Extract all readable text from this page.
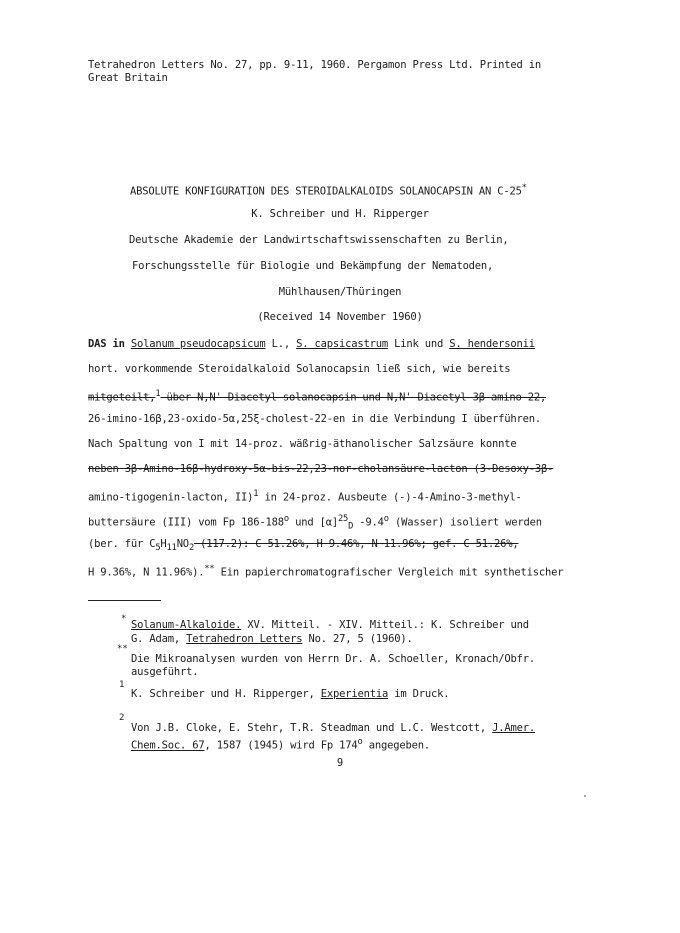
Tetrahedron Letters No. 27, pp. 9-11, 1960. Pergamon Press Ltd. Printed in
Great Britain
ABSOLUTE KONFIGURATION DES STEROIDALKALOIDS SOLANOCAPSIN AN C-25*
K. Schreiber und H. Ripperger
Deutsche Akademie der Landwirtschaftswissenschaften zu Berlin,
Forschungsstelle für Biologie und Bekämpfung der Nematoden,
Mühlhausen/Thüringen
(Received 14 November 1960)
DAS in Solanum pseudocapsicum L., S. capsicastrum Link und S. hendersonii
hort. vorkommende Steroidalkaloid Solanocapsin ließ sich, wie bereits
mitgeteilt,$^1$ über N,N'-Diacetyl-solanocapsin und N,N'-Diacetyl-3β-amino-22,
26-imino-16β,23-oxido-5α,25ξ-cholest-22-en in die Verbindung I überführen.
Nach Spaltung von I mit 14-proz. wäßrig-äthanolischer Salzsäure konnte
neben 3β-Amino-16β-hydroxy-5α-bis-22,23-nor-cholansäure-lacton (3-Desoxy-3β-
amino-tigogenin-lacton, II)$^1$ in 24-proz. Ausbeute (-)-4-Amino-3-methyl-
buttersäure (III) vom Fp 186-188$^o$ und $[\alpha]^{25}_D$ -9.4$^o$ (Wasser) isoliert werden
(ber. für $C_5H_{11}NO_2$ (117.2): C 51.26%, H 9.46%, N 11.96%; gef. C 51.26%,
H 9.36%, N 11.96%).** Ein papierchromatografischer Vergleich mit synthetischer
* Solanum-Alkaloide. XV. Mitteil. - XIV. Mitteil.: K. Schreiber und
G. Adam, Tetrahedron Letters No. 27, 5 (1960).
**
Die Mikroanalysen wurden von Herrn Dr. A. Schoeller, Kronach/Obfr.
ausgeführt.
1
K. Schreiber und H. Ripperger, Experientia im Druck.
2
Von J.B. Cloke, E. Stehr, T.R. Steadman und L.C. Westcott, J.Amer.
Chem.Soc. 67, 1587 (1945) wird Fp 174$^o$ angegeben.
9
